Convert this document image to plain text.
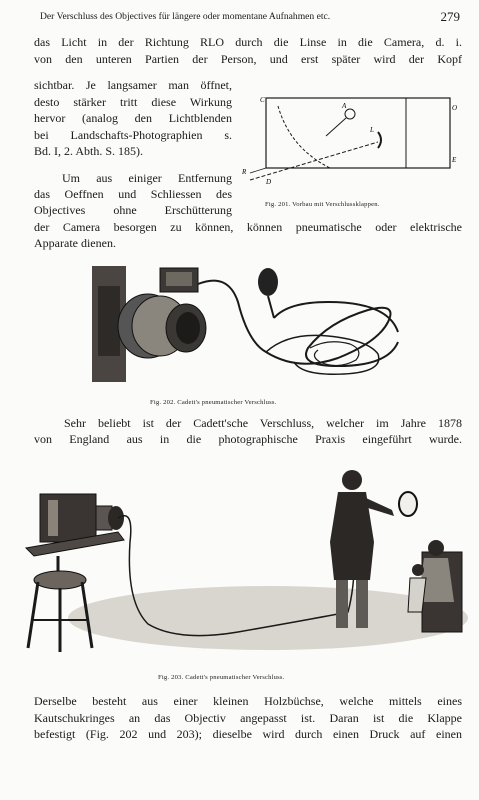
Der Verschluss des Objectives für längere oder momentane Aufnahmen etc.	279
das Licht in der Richtung RLO durch die Linse in die Camera, d. i.
von den unteren Partien der Person, und erst später wird der Kopf
sichtbar. Je langsamer man öffnet,
desto stärker tritt diese Wirkung
hervor (analog den Lichtblenden
bei Landschafts-Photographien s.
Bd. I, 2. Abth. S. 185).
Um aus einiger Entfernung
das Oeffnen und Schliessen des
Objectives ohne Erschütterung
der Camera besorgen zu können, können pneumatische oder elektrische
Apparate dienen.
C
A	O
L
R
E
D
Fig. 201. Vorbau mit Verschlussklappen.
Fig. 202. Cadett's pneumatischer Verschluss.
Sehr beliebt ist der Cadett'sche Verschluss, welcher im Jahre 1878
von England aus in die photographische Praxis eingeführt wurde.
Fig. 203. Cadett's pneumatischer Verschluss.
Derselbe besteht aus einer kleinen Holzbüchse, welche mittels eines
Kautschukringes an das Objectiv angepasst ist. Daran ist die Klappe
befestigt (Fig. 202 und 203); dieselbe wird durch einen Druck auf einen
